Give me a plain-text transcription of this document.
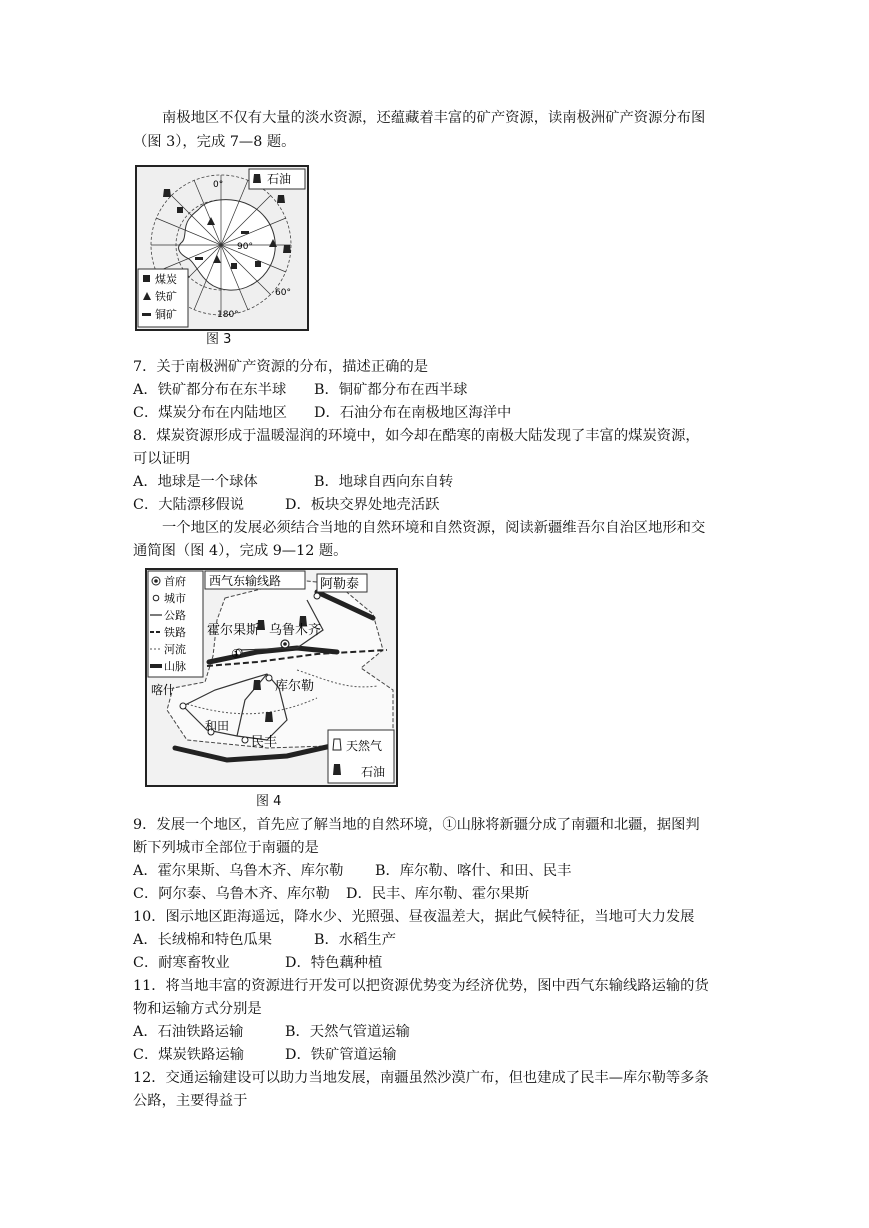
南极地区不仅有大量的淡水资源，还蕴藏着丰富的矿产资源，读南极洲矿产资源分布图
（图 3），完成 7—8 题。
石油
煤炭
铁矿
铜矿
0°
90°
60°
180°
图 3
7．关于南极洲矿产资源的分布，描述正确的是
A．铁矿都分布在东半球 B．铜矿都分布在西半球
C．煤炭分布在内陆地区 D．石油分布在南极地区海洋中
8．煤炭资源形成于温暖湿润的环境中，如今却在酷寒的南极大陆发现了丰富的煤炭资源，
可以证明
A．地球是一个球体	B．地球自西向东自转
C．大陆漂移假说	D．板块交界处地壳活跃
一个地区的发展必须结合当地的自然环境和自然资源，阅读新疆维吾尔自治区地形和交
通简图（图 4），完成 9—12 题。
西气东输线路
首府
城市
公路
铁路
河流
山脉
阿勒泰
霍尔果斯 乌鲁木齐
喀什	库尔勒
和田
民丰
①
天然气
石油
图 4
9．发展一个地区，首先应了解当地的自然环境，①山脉将新疆分成了南疆和北疆，据图判
断下列城市全部位于南疆的是
A．霍尔果斯、乌鲁木齐、库尔勒 B．库尔勒、喀什、和田、民丰
C．阿尔泰、乌鲁木齐、库尔勒 D．民丰、库尔勒、霍尔果斯
10．图示地区距海遥远，降水少、光照强、昼夜温差大，据此气候特征，当地可大力发展
A．长绒棉和特色瓜果	B．水稻生产
C．耐寒畜牧业	D．特色藕种植
11．将当地丰富的资源进行开发可以把资源优势变为经济优势，图中西气东输线路运输的货
物和运输方式分别是
A．石油铁路运输	B．天然气管道运输
C．煤炭铁路运输	D．铁矿管道运输
12．交通运输建设可以助力当地发展，南疆虽然沙漠广布，但也建成了民丰—库尔勒等多条
公路，主要得益于
